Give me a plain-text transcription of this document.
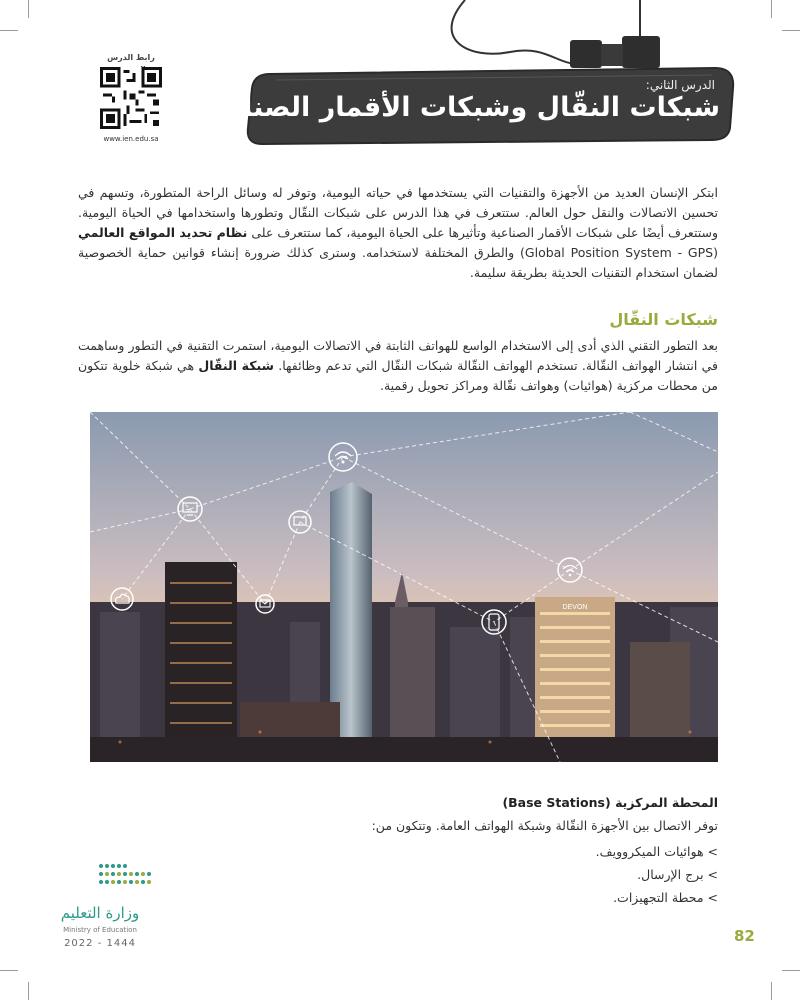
رابط الدرس
www.ien.edu.sa
الدرس الثاني:
شبكات النقّال وشبكات الأقمار الصناعية

ابتكر الإنسان العديد من الأجهزة والتقنيات التي يستخدمها في حياته اليومية، وتوفر له وسائل الراحة المتطورة، وتسهم في تحسين الاتصالات والنقل حول العالم. ستتعرف في هذا الدرس على شبكات النقّال وتطورها واستخدامها في الحياة اليومية. وستتعرف أيضًا على شبكات الأقمار الصناعية وتأثيرها على الحياة اليومية، كما ستتعرف على نظام تحديد المواقع العالمي (Global Position System - GPS) والطرق المختلفة لاستخدامه. وسترى كذلك ضرورة إنشاء قوانين حماية الخصوصية لضمان استخدام التقنيات الحديثة بطريقة سليمة.

شبكات النقّال

بعد التطور التقني الذي أدى إلى الاستخدام الواسع للهواتف الثابتة في الاتصالات اليومية، استمرت التقنية في التطور وساهمت في انتشار الهواتف النقّالة. تستخدم الهواتف النقّالة شبكات النقّال التي تدعم وظائفها. شبكة النقّال هي شبكة خلوية تتكون من محطات مركزية (هوائيات) وهواتف نقّالة ومراكز تحويل رقمية.

DEVON
المحطة المركزية (Base Stations)
توفر الاتصال بين الأجهزة النقّالة وشبكة الهواتف العامة. وتتكون من:
> هوائيات الميكروويف.
> برج الإرسال.
> محطة التجهيزات.
وزارة التعليم
Ministry of Education
2022 - 1444	82
